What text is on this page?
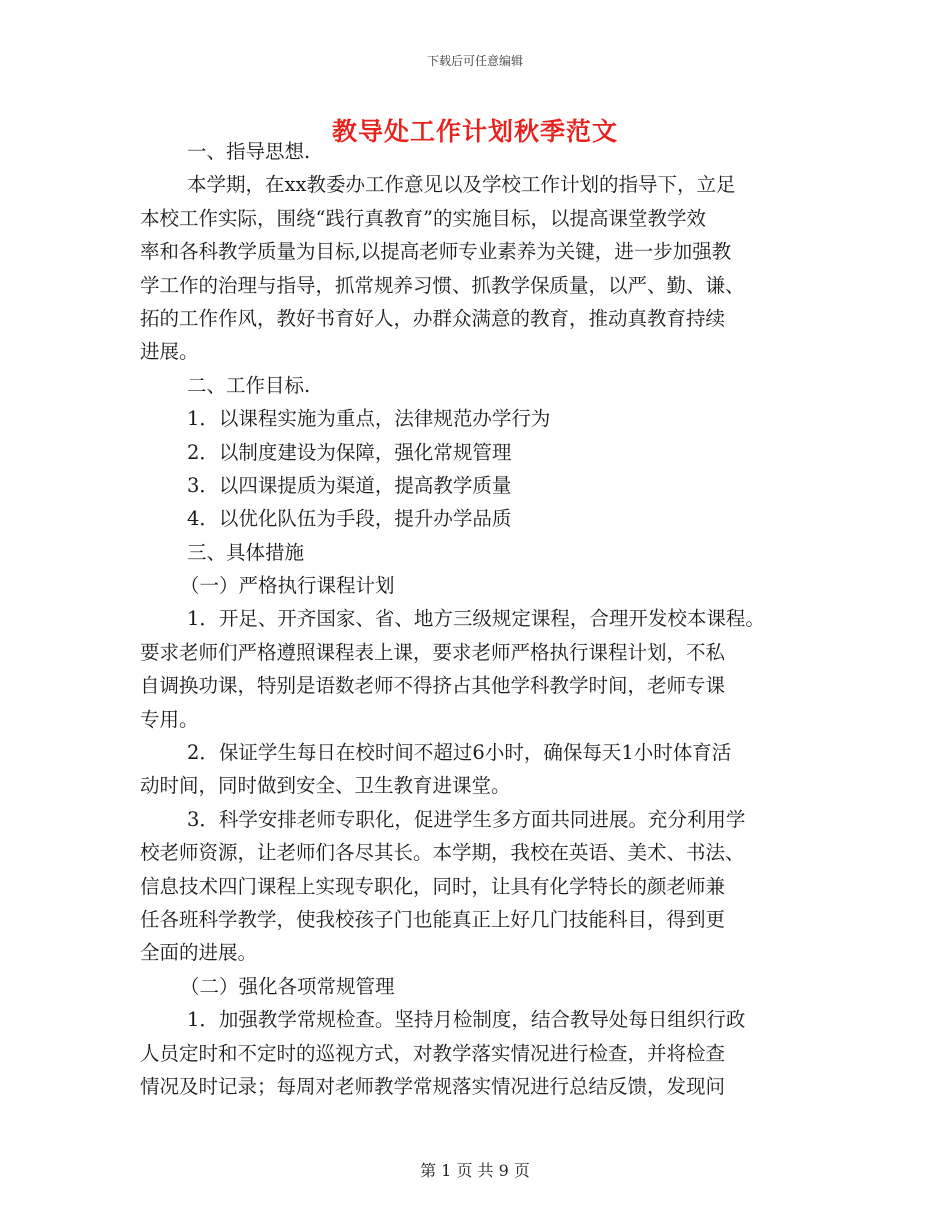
下载后可任意编辑
教导处工作计划秋季范文
一、指导思想.
本学期，在xx教委办工作意见以及学校工作计划的指导下，立足
本校工作实际，围绕“践行真教育”的实施目标，以提高课堂教学效
率和各科教学质量为目标,以提高老师专业素养为关键，进一步加强教
学工作的治理与指导，抓常规养习惯、抓教学保质量，以严、勤、谦、
拓的工作作风，教好书育好人，办群众满意的教育，推动真教育持续
进展。
二、工作目标.
1．以课程实施为重点，法律规范办学行为
2．以制度建设为保障，强化常规管理
3．以四课提质为渠道，提高教学质量
4．以优化队伍为手段，提升办学品质
三、具体措施
（一）严格执行课程计划
1．开足、开齐国家、省、地方三级规定课程，合理开发校本课程。
要求老师们严格遵照课程表上课，要求老师严格执行课程计划，不私
自调换功课，特别是语数老师不得挤占其他学科教学时间，老师专课
专用。
2．保证学生每日在校时间不超过6小时，确保每天1小时体育活
动时间，同时做到安全、卫生教育进课堂。
3．科学安排老师专职化，促进学生多方面共同进展。充分利用学
校老师资源，让老师们各尽其长。本学期，我校在英语、美术、书法、
信息技术四门课程上实现专职化，同时，让具有化学特长的颜老师兼
任各班科学教学，使我校孩子门也能真正上好几门技能科目，得到更
全面的进展。
（二）强化各项常规管理
1．加强教学常规检查。坚持月检制度，结合教导处每日组织行政
人员定时和不定时的巡视方式，对教学落实情况进行检查，并将检查
情况及时记录；每周对老师教学常规落实情况进行总结反馈，发现问
第 1 页 共 9 页
